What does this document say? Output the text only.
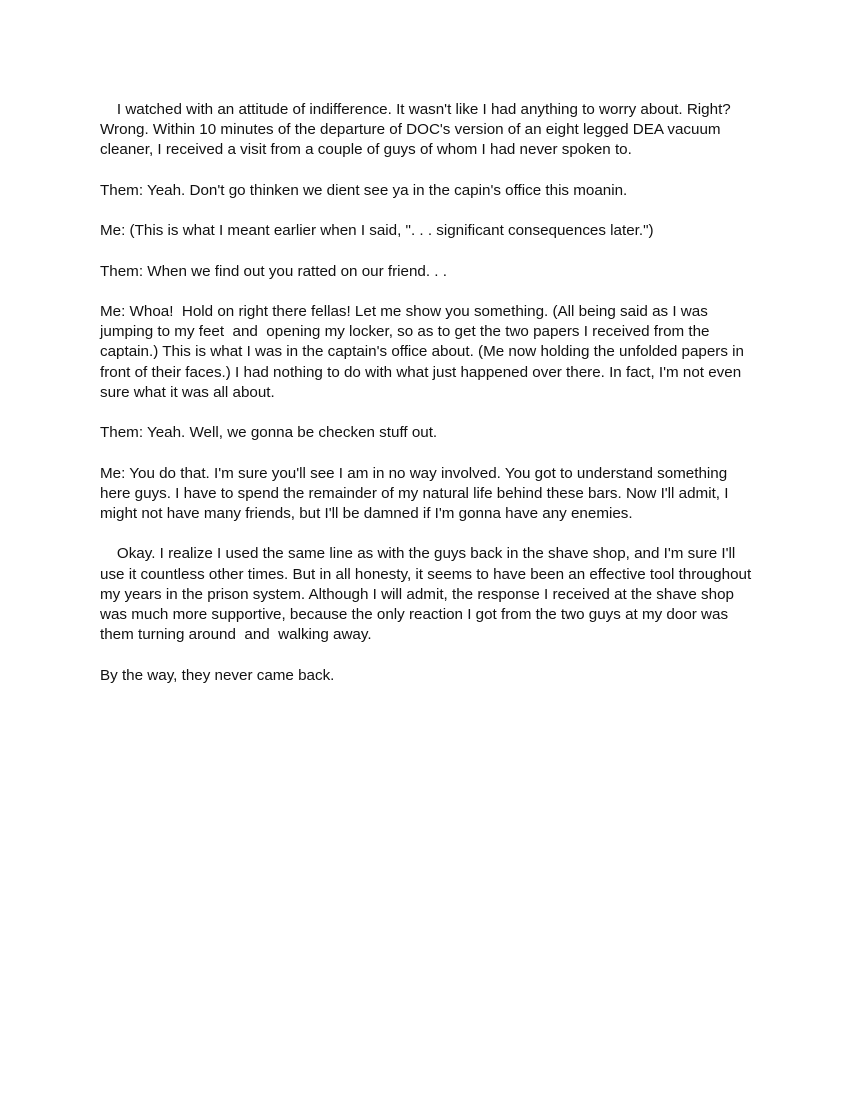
I watched with an attitude of indifference. It wasn't like I had anything to worry about. Right? Wrong. Within 10 minutes of the departure of DOC's version of an eight legged DEA vacuum cleaner, I received a visit from a couple of guys of whom I had never spoken to.

Them: Yeah. Don't go thinken we dient see ya in the capin's office this moanin.

Me: (This is what I meant earlier when I said, ". . . significant consequences later.")

Them: When we find out you ratted on our friend. . .

Me: Whoa!  Hold on right there fellas! Let me show you something. (All being said as I was jumping to my feet  and  opening my locker, so as to get the two papers I received from the captain.) This is what I was in the captain's office about. (Me now holding the unfolded papers in front of their faces.) I had nothing to do with what just happened over there. In fact, I'm not even sure what it was all about.

Them: Yeah. Well, we gonna be checken stuff out.

Me: You do that. I'm sure you'll see I am in no way involved. You got to understand something here guys. I have to spend the remainder of my natural life behind these bars. Now I'll admit, I might not have many friends, but I'll be damned if I'm gonna have any enemies.

Okay. I realize I used the same line as with the guys back in the shave shop, and I'm sure I'll use it countless other times. But in all honesty, it seems to have been an effective tool throughout my years in the prison system. Although I will admit, the response I received at the shave shop was much more supportive, because the only reaction I got from the two guys at my door was them turning around  and  walking away.

By the way, they never came back.
